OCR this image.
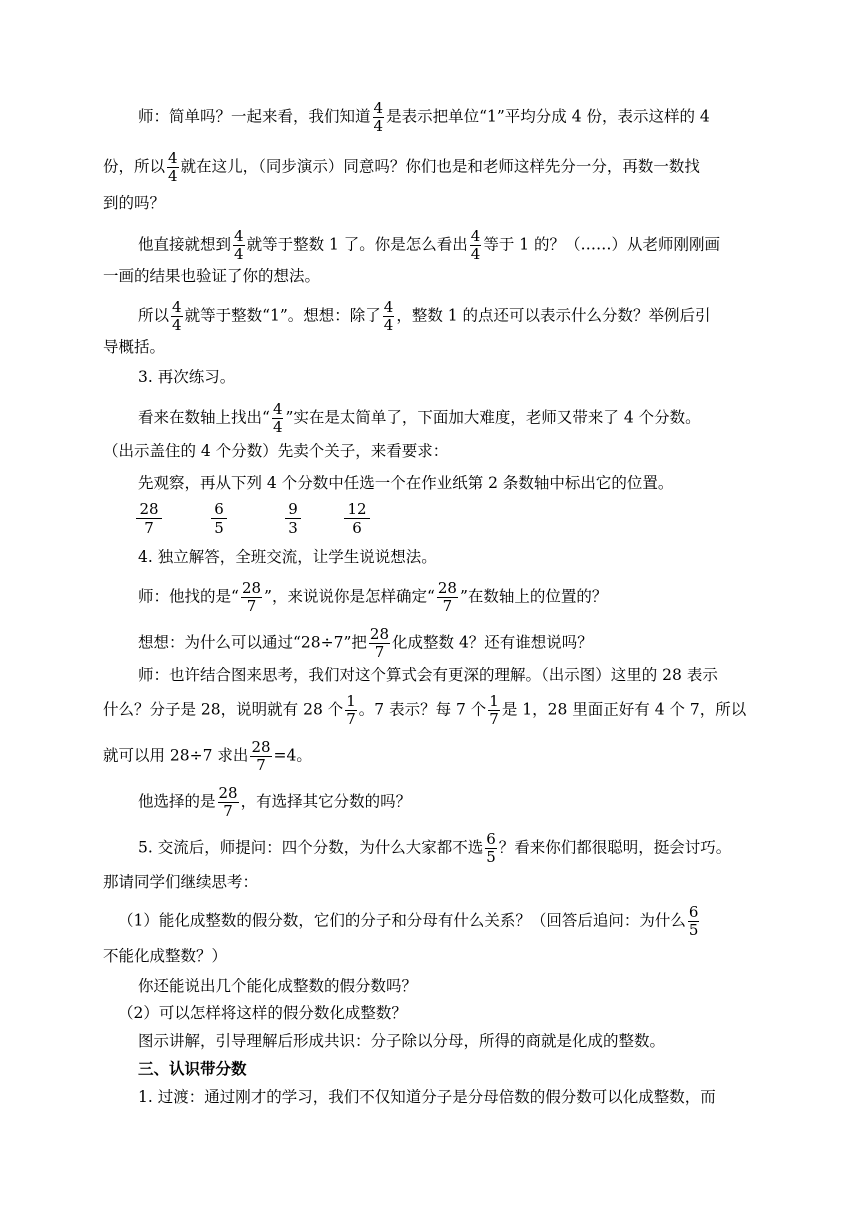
师：简单吗？一起来看，我们知道 $\frac{4}{4}$ 是表示把单位“1”平均分成 4 份，表示这样的 4
份，所以 $\frac{4}{4}$ 就在这儿，（同步演示）同意吗？你们也是和老师这样先分一分，再数一数找
到的吗？
他直接就想到 $\frac{4}{4}$ 就等于整数 1 了。你是怎么看出 $\frac{4}{4}$ 等于 1 的？（……）从老师刚刚画
一画的结果也验证了你的想法。
所以 $\frac{4}{4}$ 就等于整数“1”。想想：除了 $\frac{4}{4}$ ，整数 1 的点还可以表示什么分数？举例后引
导概括。
3. 再次练习。
看来在数轴上找出“ $\frac{4}{4}$ ”实在是太简单了，下面加大难度，老师又带来了 4 个分数。
（出示盖住的 4 个分数）先卖个关子，来看要求：
先观察，再从下列 4 个分数中任选一个在作业纸第 2 条数轴中标出它的位置。
28
7
6
5
9
3
12
6
4. 独立解答，全班交流，让学生说说想法。
师：他找的是“ $\frac{28}{7}$ ”，来说说你是怎样确定“ $\frac{28}{7}$ ”在数轴上的位置的？
想想：为什么可以通过“28÷7”把 $\frac{28}{7}$ 化成整数 4？还有谁想说吗？
师：也许结合图来思考，我们对这个算式会有更深的理解。（出示图）这里的 28 表示
什么？分子是 28，说明就有 28 个 $\frac{1}{7}$ 。7 表示？每 7 个 $\frac{1}{7}$ 是 1，28 里面正好有 4 个 7，所以
就可以用 28÷7 求出 $\frac{28}{7} =4$。
他选择的是 $\frac{28}{7}$ ，有选择其它分数的吗？
5. 交流后，师提问：四个分数，为什么大家都不选 $\frac{6}{5}$ ？看来你们都很聪明，挺会讨巧。
那请同学们继续思考：
（1）能化成整数的假分数，它们的分子和分母有什么关系？（回答后追问：为什么 $\frac{6}{5}$
不能化成整数？）
你还能说出几个能化成整数的假分数吗？
（2）可以怎样将这样的假分数化成整数？
图示讲解，引导理解后形成共识：分子除以分母，所得的商就是化成的整数。
三、认识带分数
1. 过渡：通过刚才的学习，我们不仅知道分子是分母倍数的假分数可以化成整数，而
